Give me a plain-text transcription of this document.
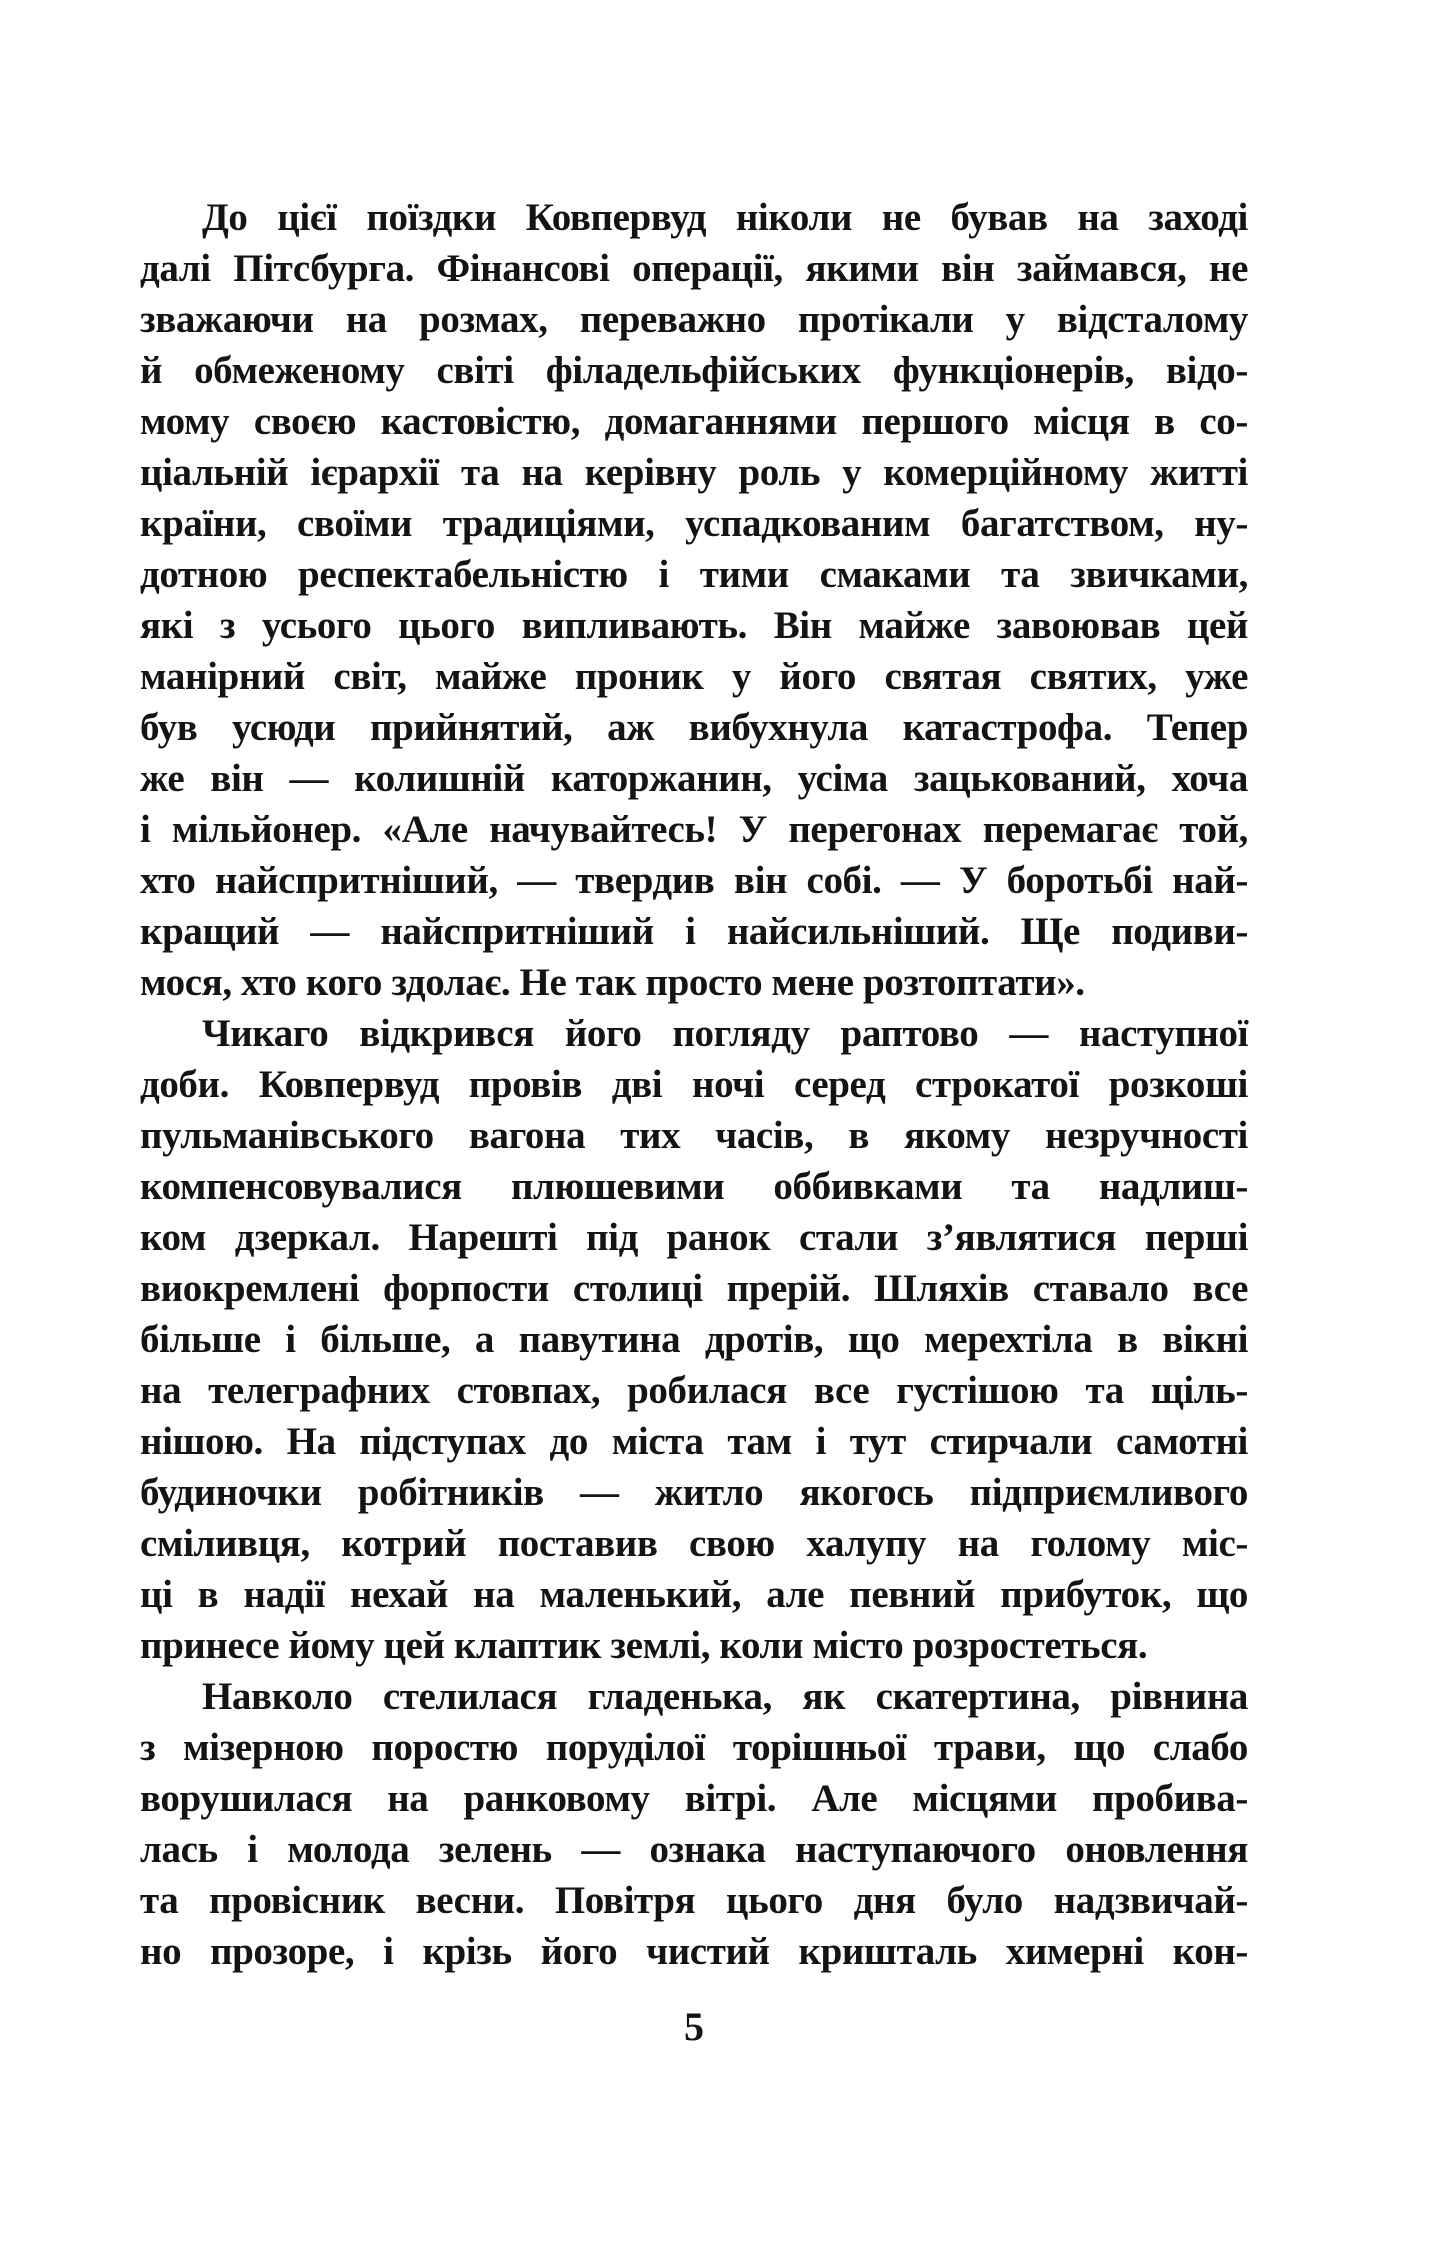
До цієї поїздки Ковпервуд ніколи не бував на заході
далі Пітсбурга. Фінансові операції, якими він займався, не
зважаючи на розмах, переважно протікали у відсталому
й обмеженому світі філадельфійських функціонерів, відо-
мому своєю кастовістю, домаганнями першого місця в со-
ціальній ієрархії та на керівну роль у комерційному житті
країни, своїми традиціями, успадкованим багатством, ну-
дотною респектабельністю і тими смаками та звичками,
які з усього цього випливають. Він майже завоював цей
манірний світ, майже проник у його святая святих, уже
був усюди прийнятий, аж вибухнула катастрофа. Тепер
же він — колишній каторжанин, усіма зацькований, хоча
і мільйонер. «Але начувайтесь! У перегонах перемагає той,
хто найспритніший, — твердив він собі. — У боротьбі най-
кращий — найспритніший і найсильніший. Ще подиви-
мося, хто кого здолає. Не так просто мене розтоптати».
Чикаго відкрився його погляду раптово — наступної
доби. Ковпервуд провів дві ночі серед строкатої розкоші
пульманівського вагона тих часів, в якому незручності
компенсовувалися плюшевими оббивками та надлиш-
ком дзеркал. Нарешті під ранок стали з’являтися перші
виокремлені форпости столиці прерій. Шляхів ставало все
більше і більше, а павутина дротів, що мерехтіла в вікні
на телеграфних стовпах, робилася все густішою та щіль-
нішою. На підступах до міста там і тут стирчали самотні
будиночки робітників — житло якогось підприємливого
сміливця, котрий поставив свою халупу на голому міс-
ці в надії нехай на маленький, але певний прибуток, що
принесе йому цей клаптик землі, коли місто розростеться.
Навколо стелилася гладенька, як скатертина, рівнина
з мізерною поростю поруділої торішньої трави, що слабо
ворушилася на ранковому вітрі. Але місцями пробива-
лась і молода зелень — ознака наступаючого оновлення
та провісник весни. Повітря цього дня було надзвичай-
но прозоре, і крізь його чистий кришталь химерні кон-
5
